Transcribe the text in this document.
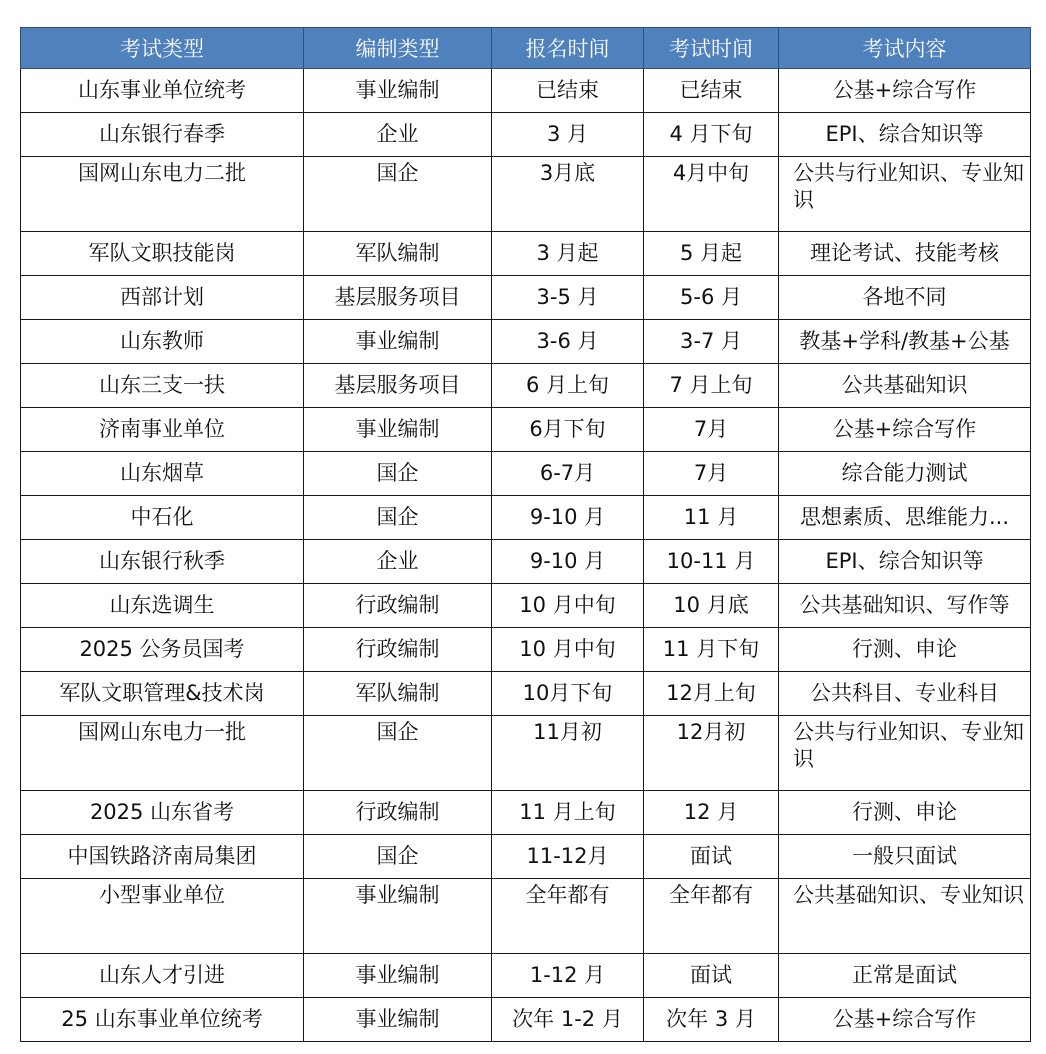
考试类型	编制类型	报名时间	考试时间	考试内容
山东事业单位统考	事业编制	已结束	已结束	公基+综合写作
山东银行春季	企业	3 月	4 月下旬	EPI、综合知识等
国网山东电力二批	国企	3月底	4月中旬	公共与行业知识、专业知识
军队文职技能岗	军队编制	3 月起	5 月起	理论考试、技能考核
西部计划	基层服务项目	3-5 月	5-6 月	各地不同
山东教师	事业编制	3-6 月	3-7 月	教基+学科/教基+公基
山东三支一扶	基层服务项目	6 月上旬	7 月上旬	公共基础知识
济南事业单位	事业编制	6月下旬	7月	公基+综合写作
山东烟草	国企	6-7月	7月	综合能力测试
中石化	国企	9-10 月	11 月	思想素质、思维能力...
山东银行秋季	企业	9-10 月	10-11 月	EPI、综合知识等
山东选调生	行政编制	10 月中旬	10 月底	公共基础知识、写作等
2025 公务员国考	行政编制	10 月中旬	11 月下旬	行测、申论
军队文职管理&技术岗	军队编制	10月下旬	12月上旬	公共科目、专业科目
国网山东电力一批	国企	11月初	12月初	公共与行业知识、专业知识
2025 山东省考	行政编制	11 月上旬	12 月	行测、申论
中国铁路济南局集团	国企	11-12月	面试	一般只面试
小型事业单位	事业编制	全年都有	全年都有	公共基础知识、专业知识
山东人才引进	事业编制	1-12 月	面试	正常是面试
25 山东事业单位统考	事业编制	次年 1-2 月	次年 3 月	公基+综合写作
